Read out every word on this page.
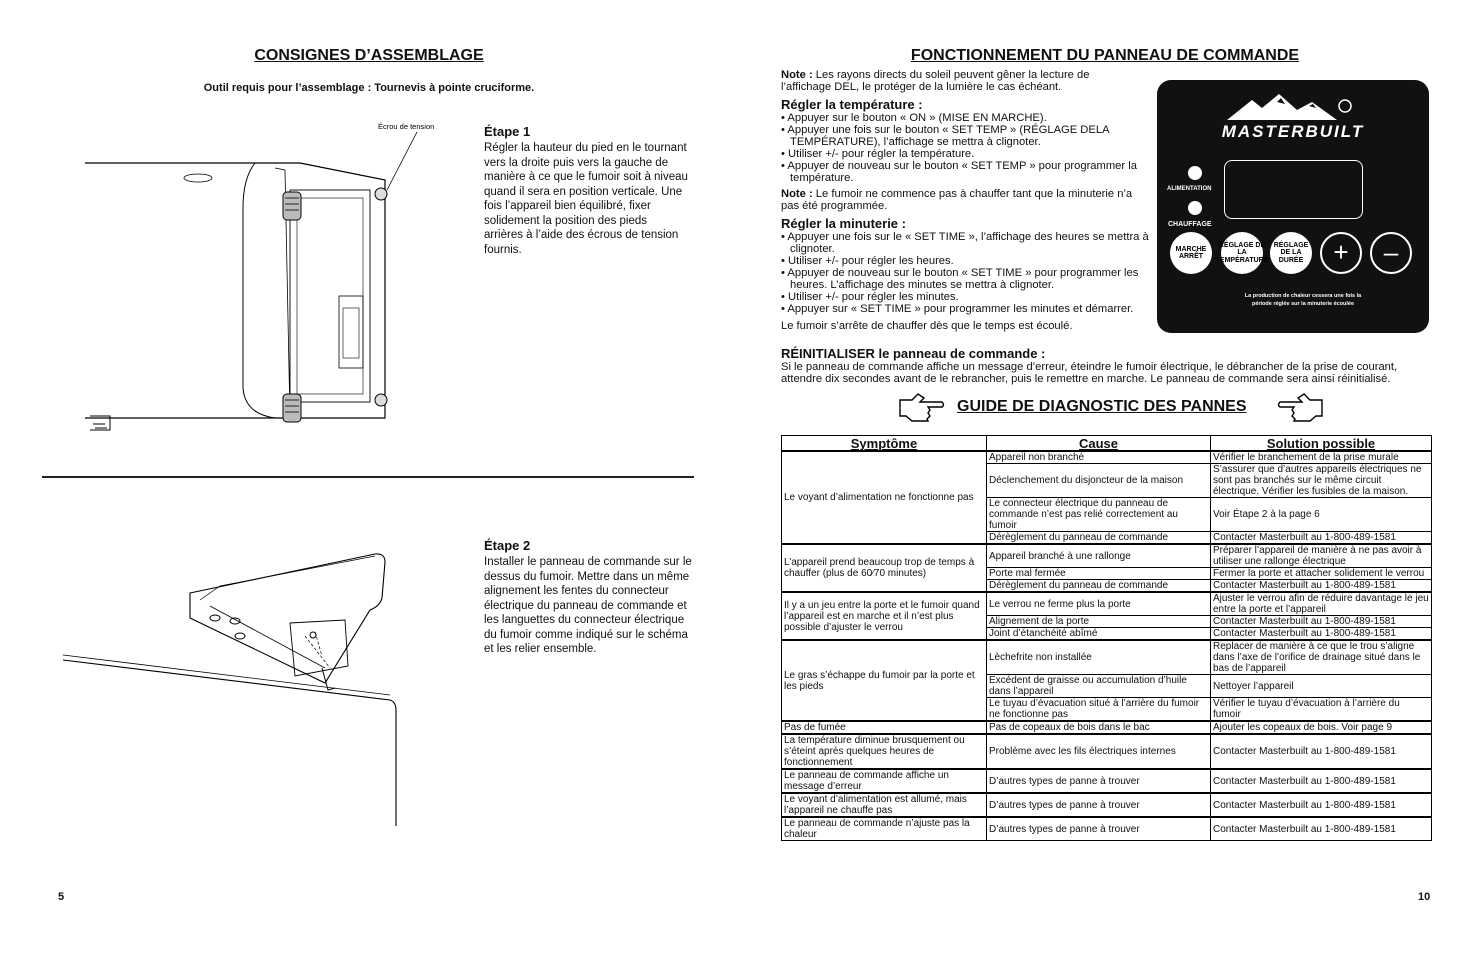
CONSIGNES D’ASSEMBLAGE
Outil requis pour l’assemblage : Tournevis à pointe cruciforme.
Écrou de tension	Étape 1
Régler la hauteur du pied en le tournant vers la droite puis vers la gauche de manière à ce que le fumoir soit à niveau quand il sera en position verticale. Une fois l’appareil bien équilibré, fixer solidement la position des pieds arrières à l’aide des écrous de tension fournis.
Étape 2
Installer le panneau de commande sur le dessus du fumoir. Mettre dans un même alignement les fentes du connecteur électrique du panneau de commande et les languettes du connecteur électrique du fumoir comme indiqué sur le schéma et les relier ensemble.
5
FONCTIONNEMENT DU PANNEAU DE COMMANDE
Note : Les rayons directs du soleil peuvent gêner la lecture de
l’affichage DEL, le protéger de la lumière le cas échéant.
Régler la température :
• Appuyer sur le bouton « ON » (MISE EN MARCHE).
• Appuyer une fois sur le bouton « SET TEMP » (RÉGLAGE DELA TEMPÉRATURE), l’affichage se mettra à clignoter.
• Utiliser +/- pour régler la température.
• Appuyer de nouveau sur le bouton « SET TEMP » pour programmer la température.
Note : Le fumoir ne commence pas à chauffer tant que la minuterie n’a pas été programmée.
Régler la minuterie :
• Appuyer une fois sur le « SET TIME », l’affichage des heures se mettra à clignoter.
• Utiliser +/- pour régler les heures.
• Appuyer de nouveau sur le bouton « SET TIME » pour programmer les heures. L’affichage des minutes se mettra à clignoter.
• Utiliser +/- pour régler les minutes.
• Appuyer sur « SET TIME » pour programmer les minutes et démarrer.
Le fumoir s’arrête de chauffer dès que le temps est écoulé.
RÉINITIALISER le panneau de commande :
Si le panneau de commande affiche un message d’erreur, éteindre le fumoir électrique, le débrancher de la prise de courant, attendre dix secondes avant de le rebrancher, puis le remettre en marche. Le panneau de commande sera ainsi réinitialisé.
MASTERBUILT
ALIMENTATION
CHAUFFAGE
MARCHE ARRÊT
RÉGLAGE DE LA TEMPÉRATURE
RÉGLAGE DE LA DURÉE	+	–
La production de chaleur cessera une fois la période réglée sur la minuterie écoulée
GUIDE DE DIAGNOSTIC DES PANNES
Symptôme	Cause	Solution possible
Le voyant d’alimentation ne fonctionne pas	Appareil non branché	Vérifier le branchement de la prise murale
	Déclenchement du disjoncteur de la maison	S’assurer que d’autres appareils électriques ne sont pas branchés sur le même circuit électrique. Vérifier les fusibles de la maison.
	Le connecteur électrique du panneau de commande n’est pas relié correctement au fumoir	Voir Étape 2 à la page 6
	Dérèglement du panneau de commande	Contacter Masterbuilt au 1-800-489-1581
L’appareil prend beaucoup trop de temps à chauffer (plus de 60⁄70 minutes)	Appareil branché à une rallonge	Préparer l’appareil de manière à ne pas avoir à utiliser une rallonge électrique
	Porte mal fermée	Fermer la porte et attacher solidement le verrou
	Dérèglement du panneau de commande	Contacter Masterbuilt au 1-800-489-1581
Il y a un jeu entre la porte et le fumoir quand l’appareil est en marche et il n’est plus possible d’ajuster le verrou	Le verrou ne ferme plus la porte	Ajuster le verrou afin de réduire davantage le jeu entre la porte et l’appareil
	Alignement de la porte	Contacter Masterbuilt au 1-800-489-1581
	Joint d’étanchéité abîmé	Contacter Masterbuilt au 1-800-489-1581
Le gras s’échappe du fumoir par la porte et les pieds	Lèchefrite non installée	Replacer de manière à ce que le trou s’aligne dans l’axe de l’orifice de drainage situé dans le bas de l’appareil
	Excédent de graisse ou accumulation d’huile dans l’appareil	Nettoyer l’appareil
	Le tuyau d’évacuation situé à l’arrière du fumoir ne fonctionne pas	Vérifier le tuyau d’évacuation à l’arrière du fumoir
Pas de fumée	Pas de copeaux de bois dans le bac	Ajouter les copeaux de bois. Voir page 9
La température diminue brusquement ou s’éteint après quelques heures de fonctionnement	Problème avec les fils électriques internes	Contacter Masterbuilt au 1-800-489-1581
Le panneau de commande affiche un message d’erreur	D’autres types de panne à trouver	Contacter Masterbuilt au 1-800-489-1581
Le voyant d’alimentation est allumé, mais l’appareil ne chauffe pas	D’autres types de panne à trouver	Contacter Masterbuilt au 1-800-489-1581
Le panneau de commande n’ajuste pas la chaleur	D’autres types de panne à trouver	Contacter Masterbuilt au 1-800-489-1581
10
